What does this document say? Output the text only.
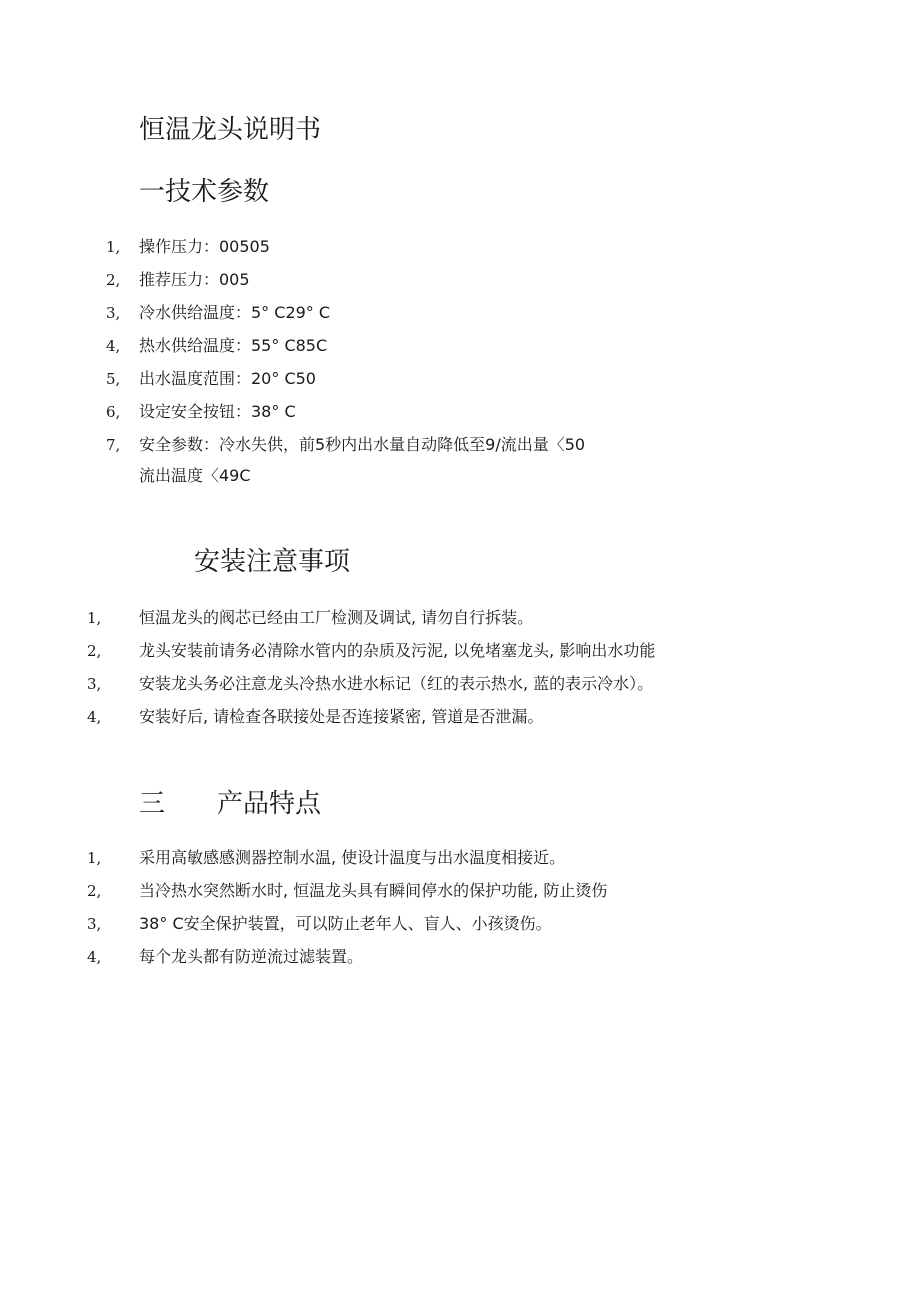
恒温龙头说明书
一技术参数
1, 操作压力：00505
2, 推荐压力：005
3, 冷水供给温度：5° C29° C
4, 热水供给温度：55° C85C
5, 出水温度范围：20° C50
6, 设定安全按钮：38° C
7, 安全参数：冷水失供，前5秒内出水量自动降低至9/流出量〈50
流出温度〈49C
安装注意事项
1, 恒温龙头的阀芯已经由工厂检测及调试, 请勿自行拆装。
2, 龙头安装前请务必清除水管内的杂质及污泥, 以免堵塞龙头, 影响出水功能
3, 安装龙头务必注意龙头冷热水进水标记（红的表示热水, 蓝的表示冷水）。
4, 安装好后, 请检查各联接处是否连接紧密, 管道是否泄漏。
三 产品特点
1, 采用高敏感感测器控制水温, 使设计温度与出水温度相接近。
2, 当冷热水突然断水时, 恒温龙头具有瞬间停水的保护功能, 防止烫伤
3, 38° C安全保护装置，可以防止老年人、盲人、小孩烫伤。
4, 每个龙头都有防逆流过滤装置。
